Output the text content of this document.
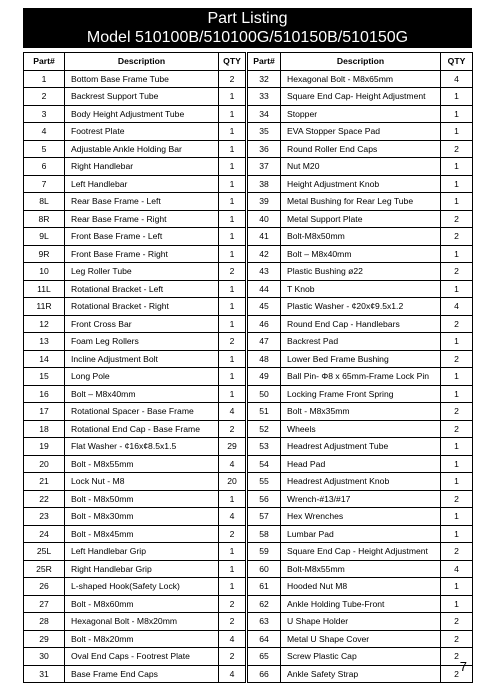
Part Listing
Model 510100B/510100G/510150B/510150G
Part#	Description	QTY
1	Bottom Base Frame Tube	2
2	Backrest Support Tube	1
3	Body Height Adjustment Tube	1
4	Footrest Plate	1
5	Adjustable Ankle Holding Bar	1
6	Right Handlebar	1
7	Left Handlebar	1
8L	Rear Base Frame - Left	1
8R	Rear Base Frame - Right	1
9L	Front Base Frame - Left	1
9R	Front Base Frame - Right	1
10	Leg Roller Tube	2
11L	Rotational Bracket - Left	1
11R	Rotational Bracket - Right	1
12	Front Cross Bar	1
13	Foam Leg Rollers	2
14	Incline Adjustment Bolt	1
15	Long Pole	1
16	Bolt – M8x40mm	1
17	Rotational Spacer - Base Frame	4
18	Rotational End Cap - Base Frame	2
19	Flat Washer - ¢16x¢8.5x1.5	29
20	Bolt - M8x55mm	4
21	Lock Nut - M8	20
22	Bolt - M8x50mm	1
23	Bolt - M8x30mm	4
24	Bolt - M8x45mm	2
25L	Left Handlebar Grip	1
25R	Right Handlebar Grip	1
26	L-shaped Hook(Safety Lock)	1
27	Bolt - M8x60mm	2
28	Hexagonal Bolt - M8x20mm	2
29	Bolt - M8x20mm	4
30	Oval End Caps - Footrest Plate	2
31	Base Frame End Caps	4
Part#	Description	QTY
32	Hexagonal Bolt - M8x65mm	4
33	Square End Cap- Height Adjustment	1
34	Stopper	1
35	EVA Stopper Space Pad	1
36	Round Roller End Caps	2
37	Nut M20	1
38	Height Adjustment Knob	1
39	Metal Bushing for Rear Leg Tube	1
40	Metal Support Plate	2
41	Bolt-M8x50mm	2
42	Bolt – M8x40mm	1
43	Plastic Bushing ø22	2
44	T Knob	1
45	Plastic Washer - ¢20x¢9.5x1.2	4
46	Round End Cap - Handlebars	2
47	Backrest Pad	1
48	Lower Bed Frame Bushing	2
49	Ball Pin- Φ8 x 65mm-Frame Lock Pin	1
50	Locking Frame Front Spring	1
51	Bolt - M8x35mm	2
52	Wheels	2
53	Headrest Adjustment Tube	1
54	Head Pad	1
55	Headrest Adjustment Knob	1
56	Wrench-#13/#17	2
57	Hex Wrenches	1
58	Lumbar Pad	1
59	Square End Cap - Height Adjustment	2
60	Bolt-M8x55mm	4
61	Hooded Nut M8	1
62	Ankle Holding Tube-Front	1
63	U Shape Holder	2
64	Metal U Shape Cover	2
65	Screw Plastic Cap	2
66	Ankle Safety Strap	2 7
